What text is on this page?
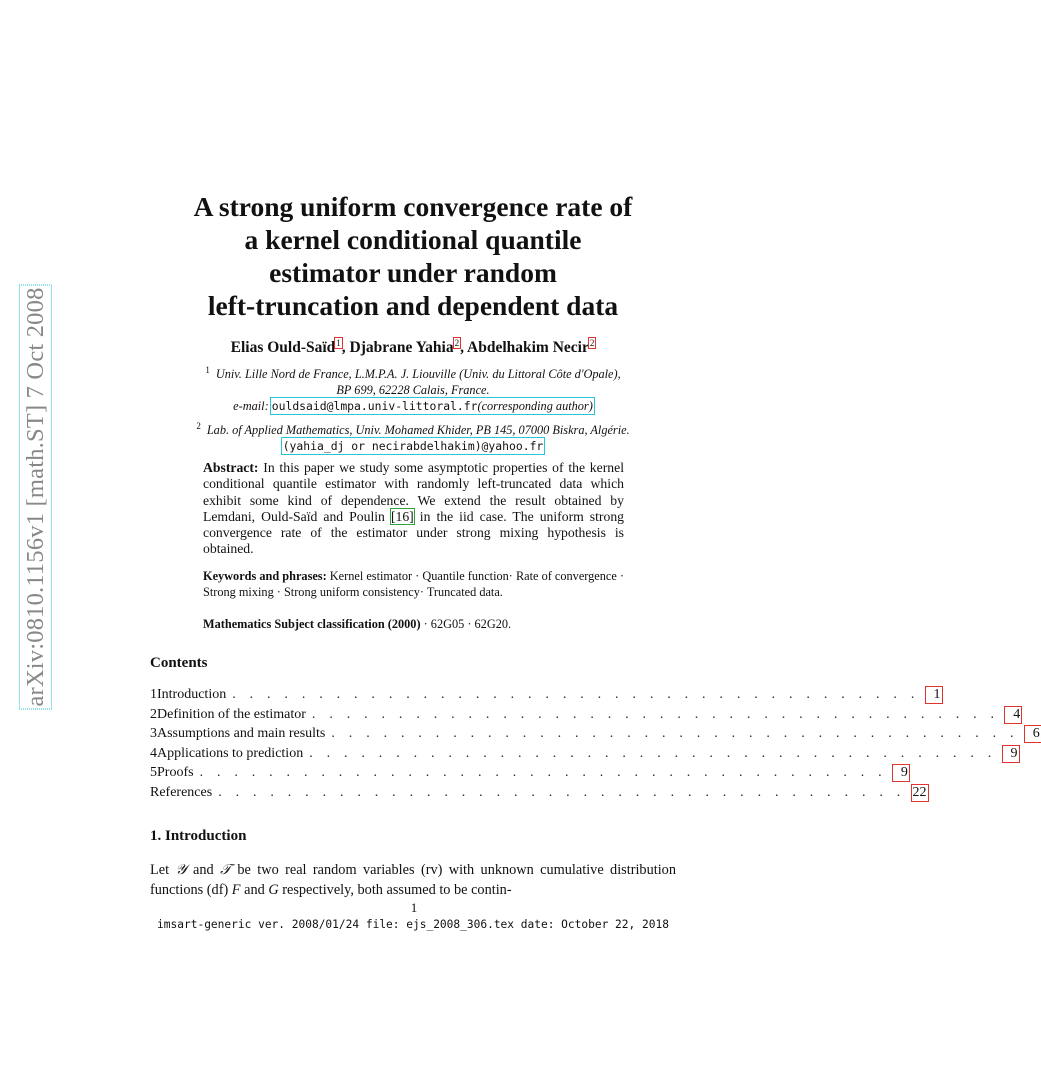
arXiv:0810.1156v1 [math.ST] 7 Oct 2008
A strong uniform convergence rate of
a kernel conditional quantile
estimator under random
left-truncation and dependent data
Elias Ould-Saïd$^1$, Djabrane Yahia$^2$, Abdelhakim Necir$^2$
$^1$ Univ. Lille Nord de France, L.M.P.A. J. Liouville (Univ. du Littoral Côte d'Opale),
BP 699, 62228 Calais, France.
e-mail: ouldsaid@lmpa.univ-littoral.fr(corresponding author)
$^2$ Lab. of Applied Mathematics, Univ. Mohamed Khider, PB 145, 07000 Biskra, Algérie.
(yahia_dj or necirabdelhakim)@yahoo.fr
Abstract: In this paper we study some asymptotic properties of the kernel conditional quantile estimator with randomly left-truncated data which exhibit some kind of dependence. We extend the result obtained by Lemdani, Ould-Saïd and Poulin [16] in the iid case. The uniform strong convergence rate of the estimator under strong mixing hypothesis is obtained.
Keywords and phrases: Kernel estimator · Quantile function· Rate of convergence · Strong mixing · Strong uniform consistency· Truncated data.
Mathematics Subject classification (2000) · 62G05 · 62G20.
Contents
1 Introduction . . . . . . . . . . . . . . . . . . . . . . . . . . . . . . . . . . . . . . . .	1
2 Definition of the estimator . . . . . . . . . . . . . . . . . . . . . . . . . . . . . . . . . . . . . . . .	4
3 Assumptions and main results . . . . . . . . . . . . . . . . . . . . . . . . . . . . . . . . . . . . . . . .	6
4 Applications to prediction . . . . . . . . . . . . . . . . . . . . . . . . . . . . . . . . . . . . . . . .	9
5 Proofs . . . . . . . . . . . . . . . . . . . . . . . . . . . . . . . . . . . . . . . .	9
References . . . . . . . . . . . . . . . . . . . . . . . . . . . . . . . . . . . . . . . . 22
1. Introduction
Let 𝒴 and 𝒯 be two real random variables (rv) with unknown cumulative distribution functions (df) F and G respectively, both assumed to be contin-
1
imsart-generic ver. 2008/01/24 file: ejs_2008_306.tex date: October 22, 2018
